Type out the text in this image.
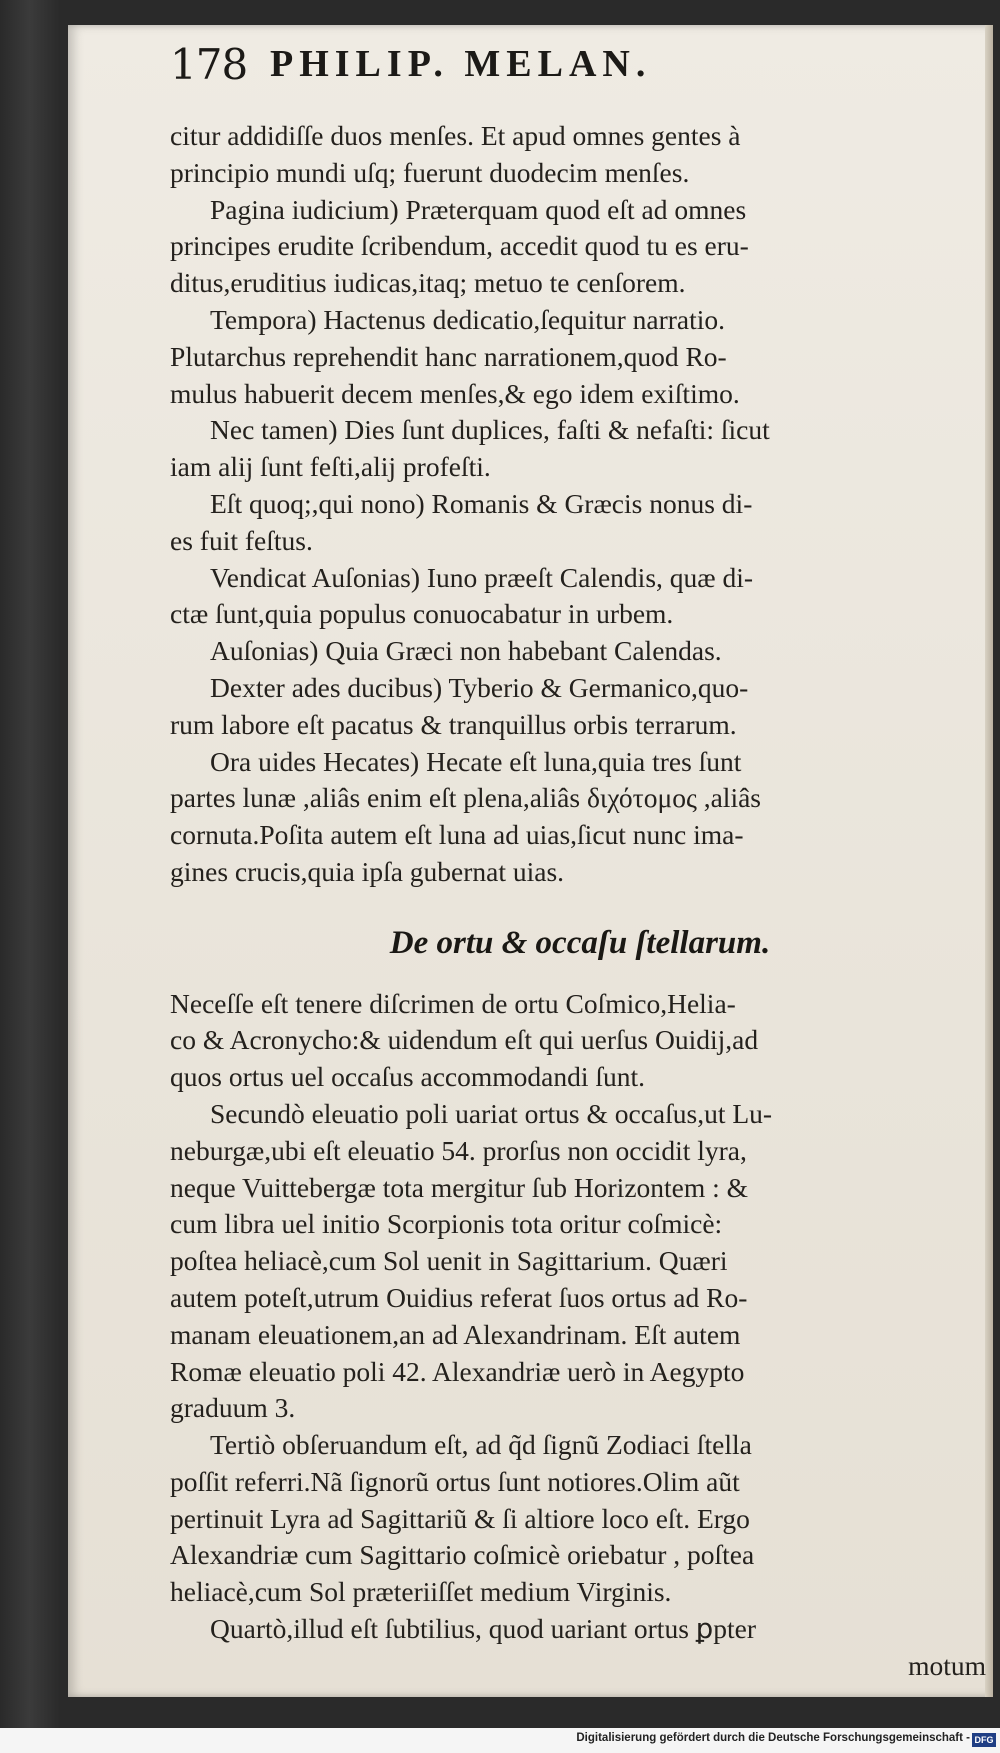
178 PHILIP. MELAN.
citur addidiſſe duos menſes. Et apud omnes gentes à
principio mundi uſq; fuerunt duodecim menſes.
Pagina iudicium) Præterquam quod eſt ad omnes
principes erudite ſcribendum, accedit quod tu es eru-
ditus,eruditius iudicas,itaq; metuo te cenſorem.
Tempora) Hactenus dedicatio,ſequitur narratio.
Plutarchus reprehendit hanc narrationem,quod Ro-
mulus habuerit decem menſes,& ego idem exiſtimo.
Nec tamen) Dies ſunt duplices, faſti & nefaſti: ſicut
iam alij ſunt feſti,alij profeſti.
Eſt quoq;,qui nono) Romanis & Græcis nonus di-
es fuit feſtus.
Vendicat Auſonias) Iuno præeſt Calendis, quæ di-
ctæ ſunt,quia populus conuocabatur in urbem.
Auſonias) Quia Græci non habebant Calendas.
Dexter ades ducibus) Tyberio & Germanico,quo-
rum labore eſt pacatus & tranquillus orbis terrarum.
Ora uides Hecates) Hecate eſt luna,quia tres ſunt
partes lunæ ,aliâs enim eſt plena,aliâs διχότομος ,aliâs
cornuta.Poſita autem eſt luna ad uias,ſicut nunc ima-
gines crucis,quia ipſa gubernat uias.
De ortu & occaſu ſtellarum.
Neceſſe eſt tenere diſcrimen de ortu Coſmico,Helia-
co & Acronycho:& uidendum eſt qui uerſus Ouidij,ad
quos ortus uel occaſus accommodandi ſunt.
Secundò eleuatio poli uariat ortus & occaſus,ut Lu-
neburgæ,ubi eſt eleuatio 54. prorſus non occidit lyra,
neque Vuittebergæ tota mergitur ſub Horizontem : &
cum libra uel initio Scorpionis tota oritur coſmicè:
poſtea heliacè,cum Sol uenit in Sagittarium. Quæri
autem poteſt,utrum Ouidius referat ſuos ortus ad Ro-
manam eleuationem,an ad Alexandrinam. Eſt autem
Romæ eleuatio poli 42. Alexandriæ uerò in Aegypto
graduum 3.
Tertiò obſeruandum eſt, ad q̃d ſignũ Zodiaci ſtella
poſſit referri.Nã ſignorũ ortus ſunt notiores.Olim aũt
pertinuit Lyra ad Sagittariũ & ſi altiore loco eſt. Ergo
Alexandriæ cum Sagittario coſmicè oriebatur , poſtea
heliacè,cum Sol præteriiſſet medium Virginis.
Quartò,illud eſt ſubtilius, quod uariant ortus ꝑpter
motum
Digitalisierung gefördert durch die Deutsche Forschungsgemeinschaft - DFG
